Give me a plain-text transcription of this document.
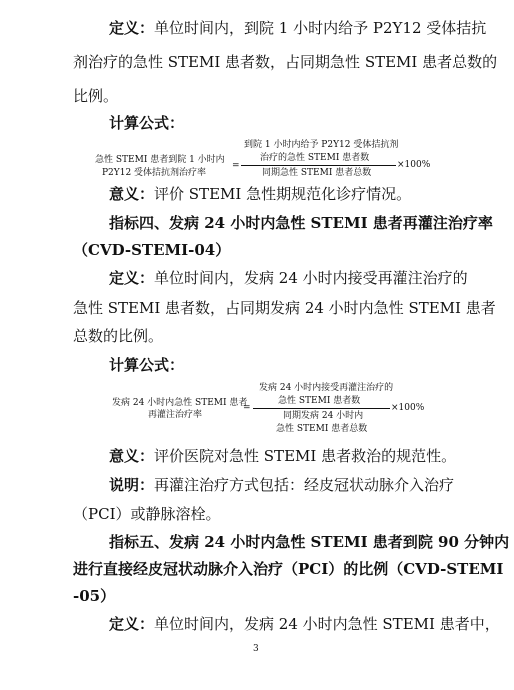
定义：单位时间内，到院 1 小时内给予 P2Y12 受体拮抗
剂治疗的急性 STEMI 患者数，占同期急性 STEMI 患者总数的
比例。
计算公式：
急性 STEMI 患者到院 1 小时内
P2Y12 受体拮抗剂治疗率
=
到院 1 小时内给予 P2Y12 受体拮抗剂
治疗的急性 STEMI 患者数
同期急性 STEMI 患者总数
×100%
意义：评价 STEMI 急性期规范化诊疗情况。
指标四、发病 24 小时内急性 STEMI 患者再灌注治疗率
（CVD-STEMI-04）
定义：单位时间内，发病 24 小时内接受再灌注治疗的
急性 STEMI 患者数，占同期发病 24 小时内急性 STEMI 患者
总数的比例。
计算公式：
发病 24 小时内急性 STEMI 患者
再灌注治疗率
=
发病 24 小时内接受再灌注治疗的
急性 STEMI 患者数
同期发病 24 小时内
急性 STEMI 患者总数
×100%
意义：评价医院对急性 STEMI 患者救治的规范性。
说明：再灌注治疗方式包括：经皮冠状动脉介入治疗
（PCI）或静脉溶栓。
指标五、发病 24 小时内急性 STEMI 患者到院 90 分钟内
进行直接经皮冠状动脉介入治疗（PCI）的比例（CVD-STEMI
-05）
定义：单位时间内，发病 24 小时内急性 STEMI 患者中，
3
